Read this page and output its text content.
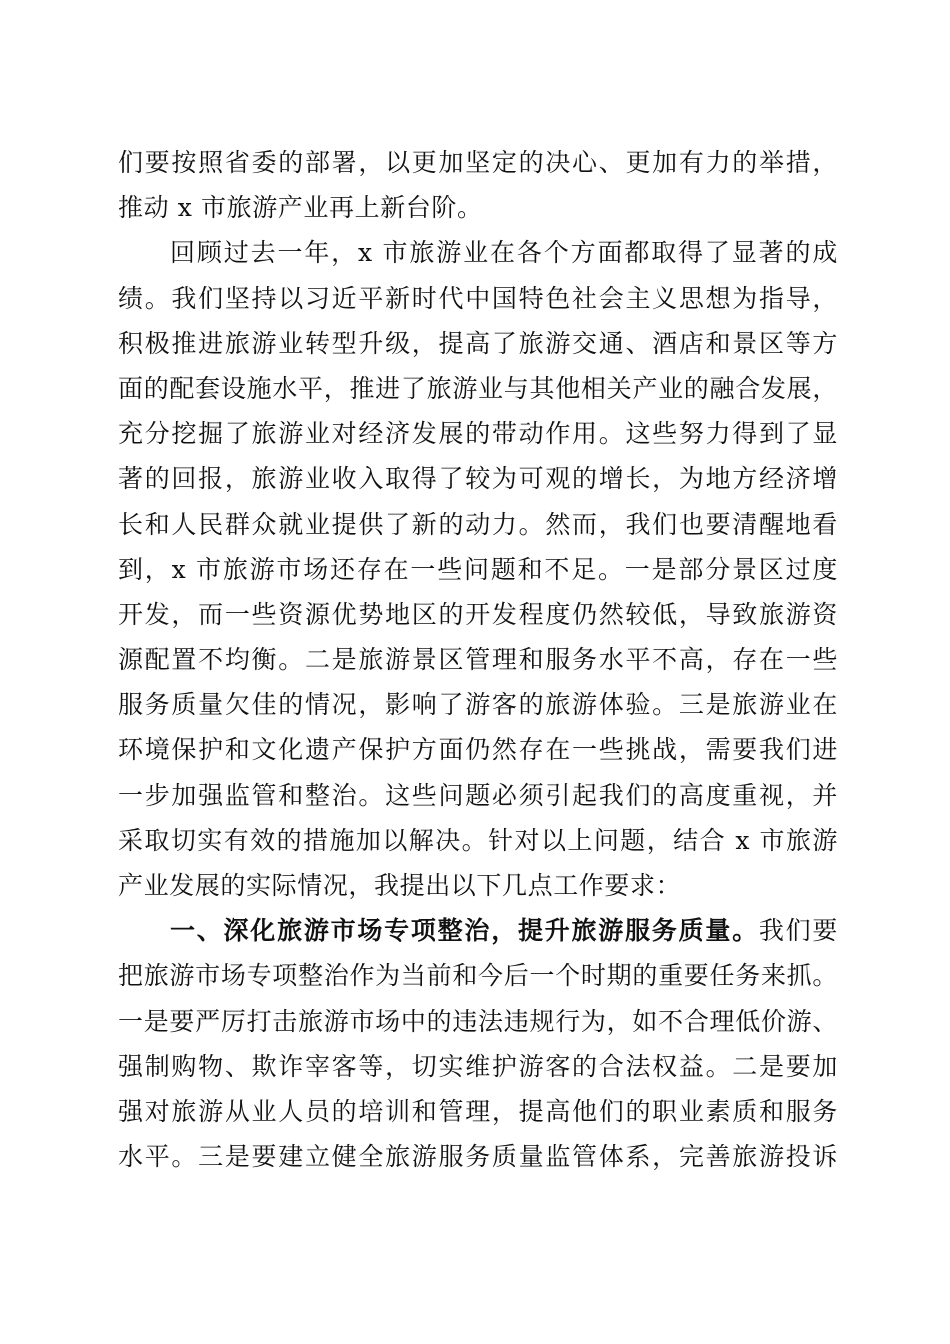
们要按照省委的部署，以更加坚定的决心、更加有力的举措，
推动 x 市旅游产业再上新台阶。
回顾过去一年，x 市旅游业在各个方面都取得了显著的成
绩。我们坚持以习近平新时代中国特色社会主义思想为指导，
积极推进旅游业转型升级，提高了旅游交通、酒店和景区等方
面的配套设施水平，推进了旅游业与其他相关产业的融合发展，
充分挖掘了旅游业对经济发展的带动作用。这些努力得到了显
著的回报，旅游业收入取得了较为可观的增长，为地方经济增
长和人民群众就业提供了新的动力。然而，我们也要清醒地看
到，x 市旅游市场还存在一些问题和不足。一是部分景区过度
开发，而一些资源优势地区的开发程度仍然较低，导致旅游资
源配置不均衡。二是旅游景区管理和服务水平不高，存在一些
服务质量欠佳的情况，影响了游客的旅游体验。三是旅游业在
环境保护和文化遗产保护方面仍然存在一些挑战，需要我们进
一步加强监管和整治。这些问题必须引起我们的高度重视，并
采取切实有效的措施加以解决。针对以上问题，结合 x 市旅游
产业发展的实际情况，我提出以下几点工作要求：
一、深化旅游市场专项整治，提升旅游服务质量。我们要
把旅游市场专项整治作为当前和今后一个时期的重要任务来抓。
一是要严厉打击旅游市场中的违法违规行为，如不合理低价游、
强制购物、欺诈宰客等，切实维护游客的合法权益。二是要加
强对旅游从业人员的培训和管理，提高他们的职业素质和服务
水平。三是要建立健全旅游服务质量监管体系，完善旅游投诉
